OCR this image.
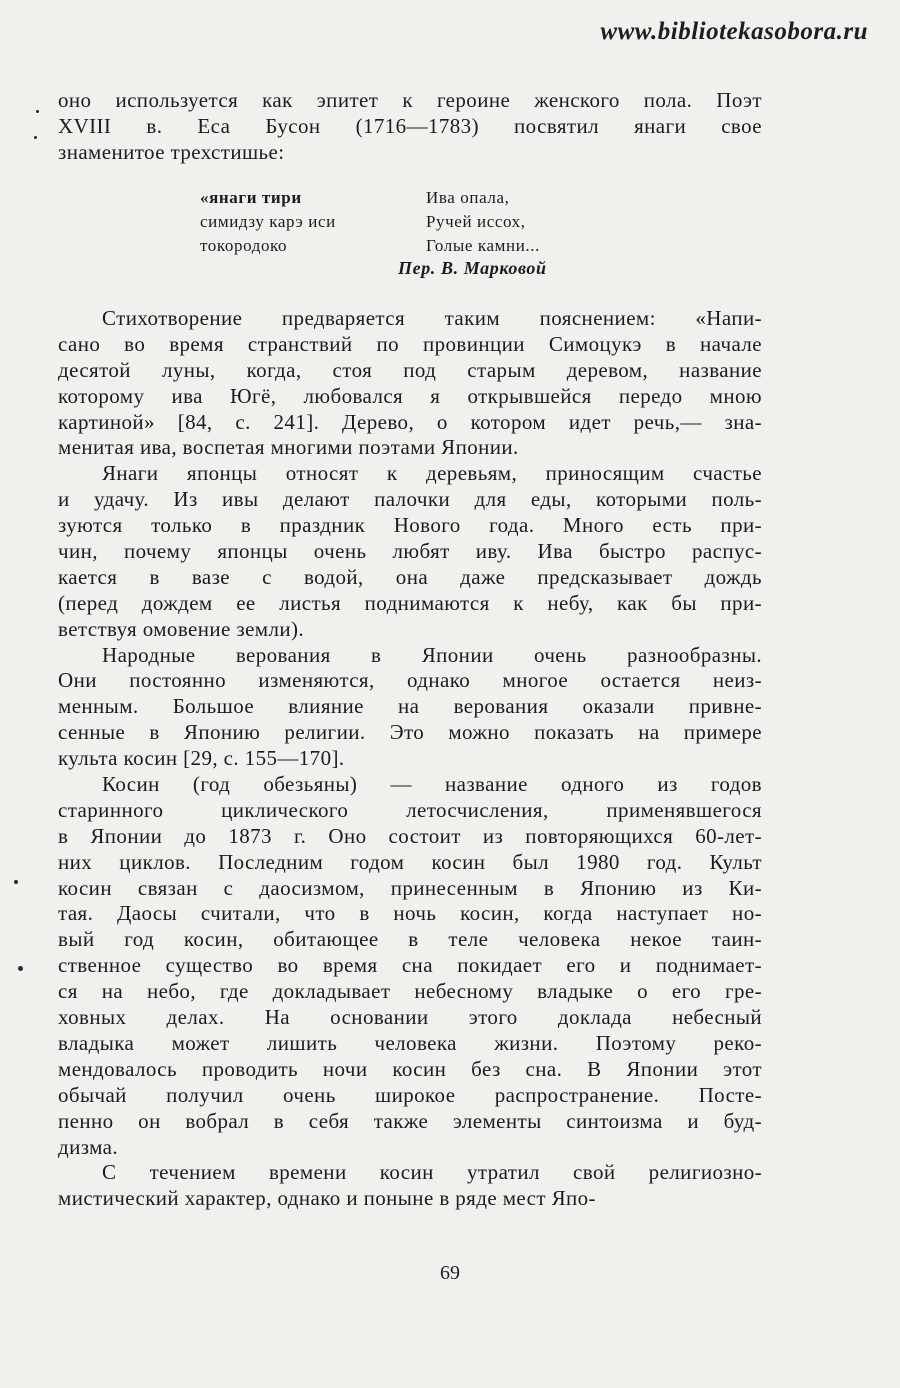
www.bibliotekasobora.ru
оно используется как эпитет к героине женского пола. Поэт
XVIII в. Еса Бусон (1716—1783) посвятил янаги свое
знаменитое трехстишье:
«янаги тири	Ива опала,
симидзу карэ иси	Ручей иссох,
токородоко	Голые камни...
Пер. В. Марковой
Стихотворение предваряется таким пояснением: «Напи-
сано во время странствий по провинции Симоцукэ в начале
десятой луны, когда, стоя под старым деревом, название
которому ива Югё, любовался я открывшейся передо мною
картиной» [84, с. 241]. Дерево, о котором идет речь,— зна-
менитая ива, воспетая многими поэтами Японии.
Янаги японцы относят к деревьям, приносящим счастье
и удачу. Из ивы делают палочки для еды, которыми поль-
зуются только в праздник Нового года. Много есть при-
чин, почему японцы очень любят иву. Ива быстро распус-
кается в вазе с водой, она даже предсказывает дождь
(перед дождем ее листья поднимаются к небу, как бы при-
ветствуя омовение земли).
Народные верования в Японии очень разнообразны.
Они постоянно изменяются, однако многое остается неиз-
менным. Большое влияние на верования оказали привне-
сенные в Японию религии. Это можно показать на примере
культа косин [29, с. 155—170].
Косин (год обезьяны) — название одного из годов
старинного циклического летосчисления, применявшегося
в Японии до 1873 г. Оно состоит из повторяющихся 60-лет-
них циклов. Последним годом косин был 1980 год. Культ
косин связан с даосизмом, принесенным в Японию из Ки-
тая. Даосы считали, что в ночь косин, когда наступает но-
вый год косин, обитающее в теле человека некое таин-
ственное существо во время сна покидает его и поднимает-
ся на небо, где докладывает небесному владыке о его гре-
ховных делах. На основании этого доклада небесный
владыка может лишить человека жизни. Поэтому реко-
мендовалось проводить ночи косин без сна. В Японии этот
обычай получил очень широкое распространение. Посте-
пенно он вобрал в себя также элементы синтоизма и буд-
дизма.
С течением времени косин утратил свой религиозно-
мистический характер, однако и поныне в ряде мест Япо-
69
